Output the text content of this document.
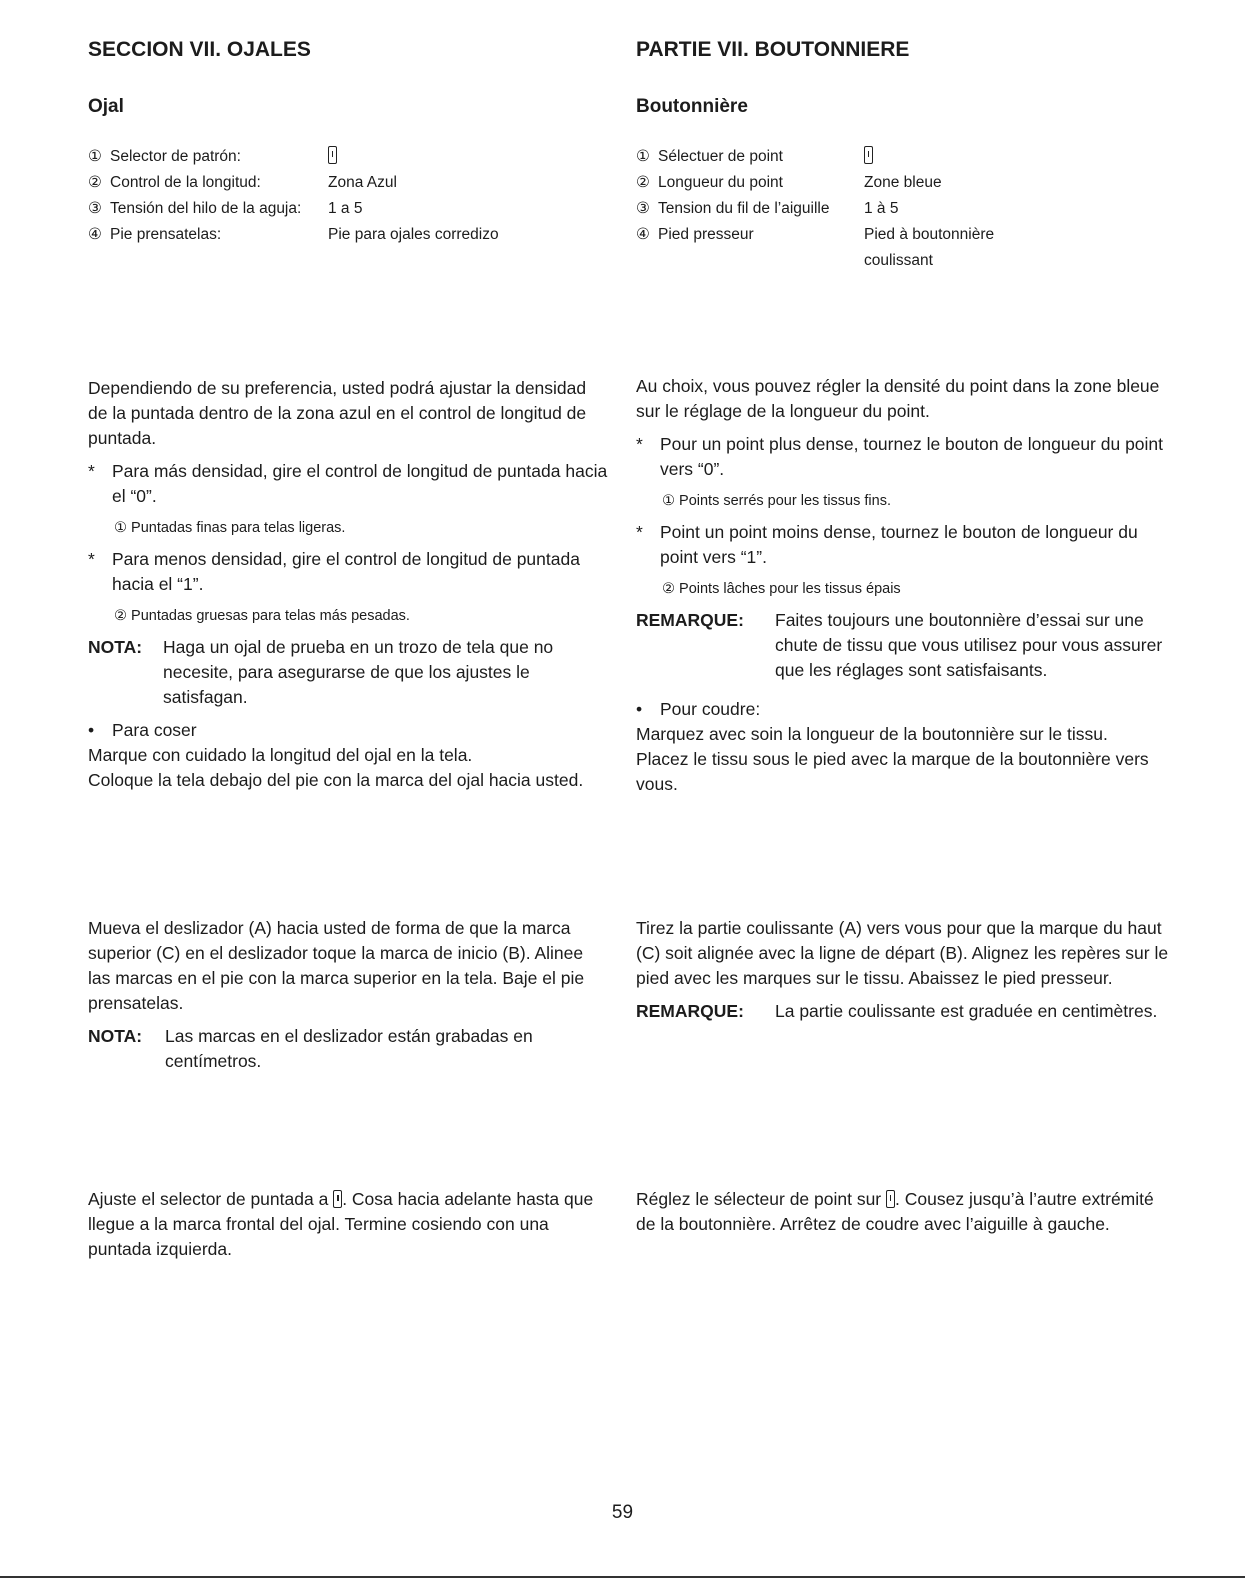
SECCION VII. OJALES
Ojal
① Selector de patrón:
② Control de la longitud:	Zona Azul
③ Tensión del hilo de la aguja:	1 a 5
④ Pie prensatelas:	Pie para ojales corredizo

Dependiendo de su preferencia, usted podrá ajustar la densidad de la puntada dentro de la zona azul en el control de longitud de puntada.

* Para más densidad, gire el control de longitud de puntada hacia el “0”.
① Puntadas finas para telas ligeras.
* Para menos densidad, gire el control de longitud de puntada hacia el “1”.
② Puntadas gruesas para telas más pesadas.
NOTA:	Haga un ojal de prueba en un trozo de tela que no necesite, para asegurarse de que los ajustes le satisfagan.
•	Para coser

Marque con cuidado la longitud del ojal en la tela.

Coloque la tela debajo del pie con la marca del ojal hacia usted.

Mueva el deslizador (A) hacia usted de forma de que la marca superior (C) en el deslizador toque la marca de inicio (B). Alinee las marcas en el pie con la marca superior en la tela. Baje el pie prensatelas.

NOTA:	Las marcas en el deslizador están grabadas en centímetros.

Ajuste el selector de puntada a . Cosa hacia adelante hasta que llegue a la marca frontal del ojal. Termine cosiendo con una puntada izquierda.

PARTIE VII. BOUTONNIERE
Boutonnière
① Sélectuer de point
② Longueur du point	Zone bleue
③ Tension du fil de l’aiguille	1 à 5
④ Pied presseur	Pied à boutonnière
coulissant

Au choix, vous pouvez régler la densité du point dans la zone bleue sur le réglage de la longueur du point.

* Pour un point plus dense, tournez le bouton de longueur du point vers “0”.
① Points serrés pour les tissus fins.
* Point un point moins dense, tournez le bouton de longueur du point vers “1”.
② Points lâches pour les tissus épais
REMARQUE:	Faites toujours une boutonnière d’essai sur une chute de tissu que vous utilisez pour vous assurer que les réglages sont satisfaisants.
•	Pour coudre:

Marquez avec soin la longueur de la boutonnière sur le tissu.

Placez le tissu sous le pied avec la marque de la boutonnière vers vous.

Tirez la partie coulissante (A) vers vous pour que la marque du haut (C) soit alignée avec la ligne de départ (B). Alignez les repères sur le pied avec les marques sur le tissu. Abaissez le pied presseur.

REMARQUE:	La partie coulissante est graduée en centimètres.

Réglez le sélecteur de point sur . Cousez jusqu’à l’autre extrémité de la boutonnière. Arrêtez de coudre avec l’aiguille à gauche.

59
